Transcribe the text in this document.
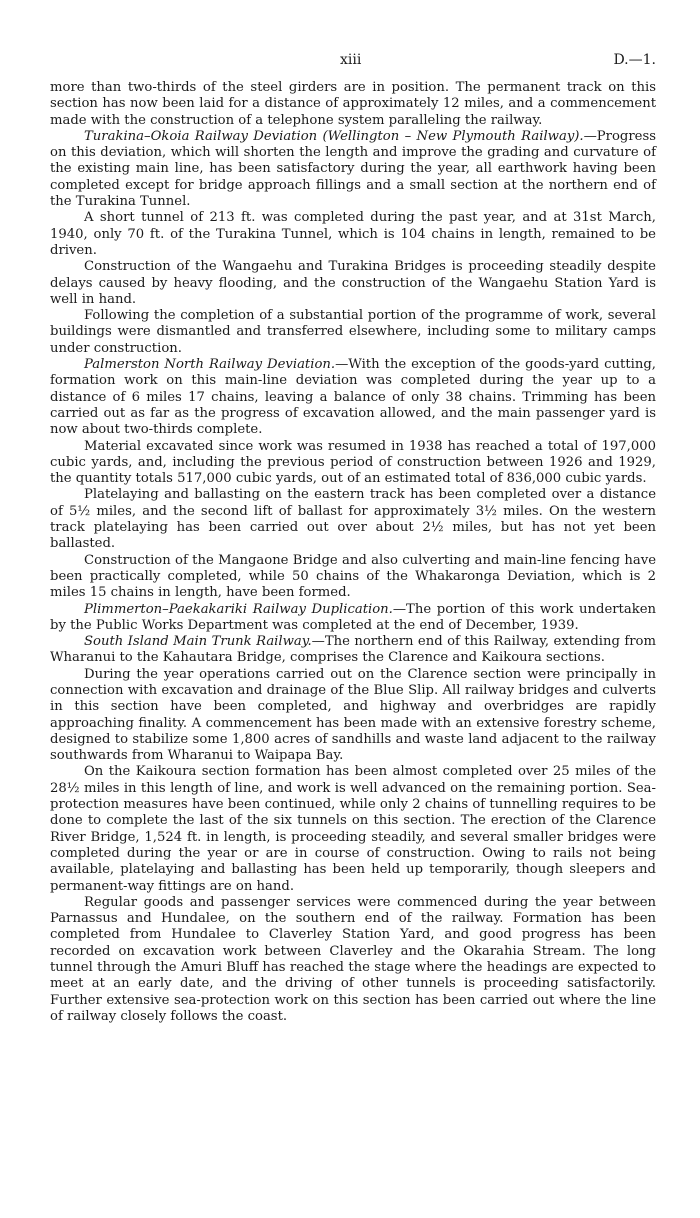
xiii	D.—1.

more than two-thirds of the steel girders are in position. The permanent track on this section has now been laid for a distance of approximately 12 miles, and a commencement made with the construction of a telephone system paralleling the railway.

Turakina–Okoia Railway Deviation (Wellington – New Plymouth Railway).—Progress on this deviation, which will shorten the length and improve the grading and curvature of the existing main line, has been satisfactory during the year, all earthwork having been completed except for bridge approach fillings and a small section at the northern end of the Turakina Tunnel.

A short tunnel of 213 ft. was completed during the past year, and at 31st March, 1940, only 70 ft. of the Turakina Tunnel, which is 104 chains in length, remained to be driven.

Construction of the Wangaehu and Turakina Bridges is proceeding steadily despite delays caused by heavy flooding, and the construction of the Wangaehu Station Yard is well in hand.

Following the completion of a substantial portion of the programme of work, several buildings were dismantled and transferred elsewhere, including some to military camps under construction.

Palmerston North Railway Deviation.—With the exception of the goods-yard cutting, formation work on this main-line deviation was completed during the year up to a distance of 6 miles 17 chains, leaving a balance of only 38 chains. Trimming has been carried out as far as the progress of excavation allowed, and the main passenger yard is now about two-thirds complete.

Material excavated since work was resumed in 1938 has reached a total of 197,000 cubic yards, and, including the previous period of construction between 1926 and 1929, the quantity totals 517,000 cubic yards, out of an estimated total of 836,000 cubic yards.

Platelaying and ballasting on the eastern track has been completed over a distance of 5½ miles, and the second lift of ballast for approximately 3½ miles. On the western track platelaying has been carried out over about 2½ miles, but has not yet been ballasted.

Construction of the Mangaone Bridge and also culverting and main-line fencing have been practically completed, while 50 chains of the Whakaronga Deviation, which is 2 miles 15 chains in length, have been formed.

Plimmerton–Paekakariki Railway Duplication.—The portion of this work undertaken by the Public Works Department was completed at the end of December, 1939.

South Island Main Trunk Railway.—The northern end of this Railway, extending from Wharanui to the Kahautara Bridge, comprises the Clarence and Kaikoura sections.

During the year operations carried out on the Clarence section were principally in connection with excavation and drainage of the Blue Slip. All railway bridges and culverts in this section have been completed, and highway and overbridges are rapidly approaching finality. A commencement has been made with an extensive forestry scheme, designed to stabilize some 1,800 acres of sandhills and waste land adjacent to the railway southwards from Wharanui to Waipapa Bay.

On the Kaikoura section formation has been almost completed over 25 miles of the 28½ miles in this length of line, and work is well advanced on the remaining portion. Sea-protection measures have been continued, while only 2 chains of tunnelling requires to be done to complete the last of the six tunnels on this section. The erection of the Clarence River Bridge, 1,524 ft. in length, is proceeding steadily, and several smaller bridges were completed during the year or are in course of construction. Owing to rails not being available, platelaying and ballasting has been held up temporarily, though sleepers and permanent-way fittings are on hand.

Regular goods and passenger services were commenced during the year between Parnassus and Hundalee, on the southern end of the railway. Formation has been completed from Hundalee to Claverley Station Yard, and good progress has been recorded on excavation work between Claverley and the Okarahia Stream. The long tunnel through the Amuri Bluff has reached the stage where the headings are expected to meet at an early date, and the driving of other tunnels is proceeding satisfactorily. Further extensive sea-protection work on this section has been carried out where the line of railway closely follows the coast.
